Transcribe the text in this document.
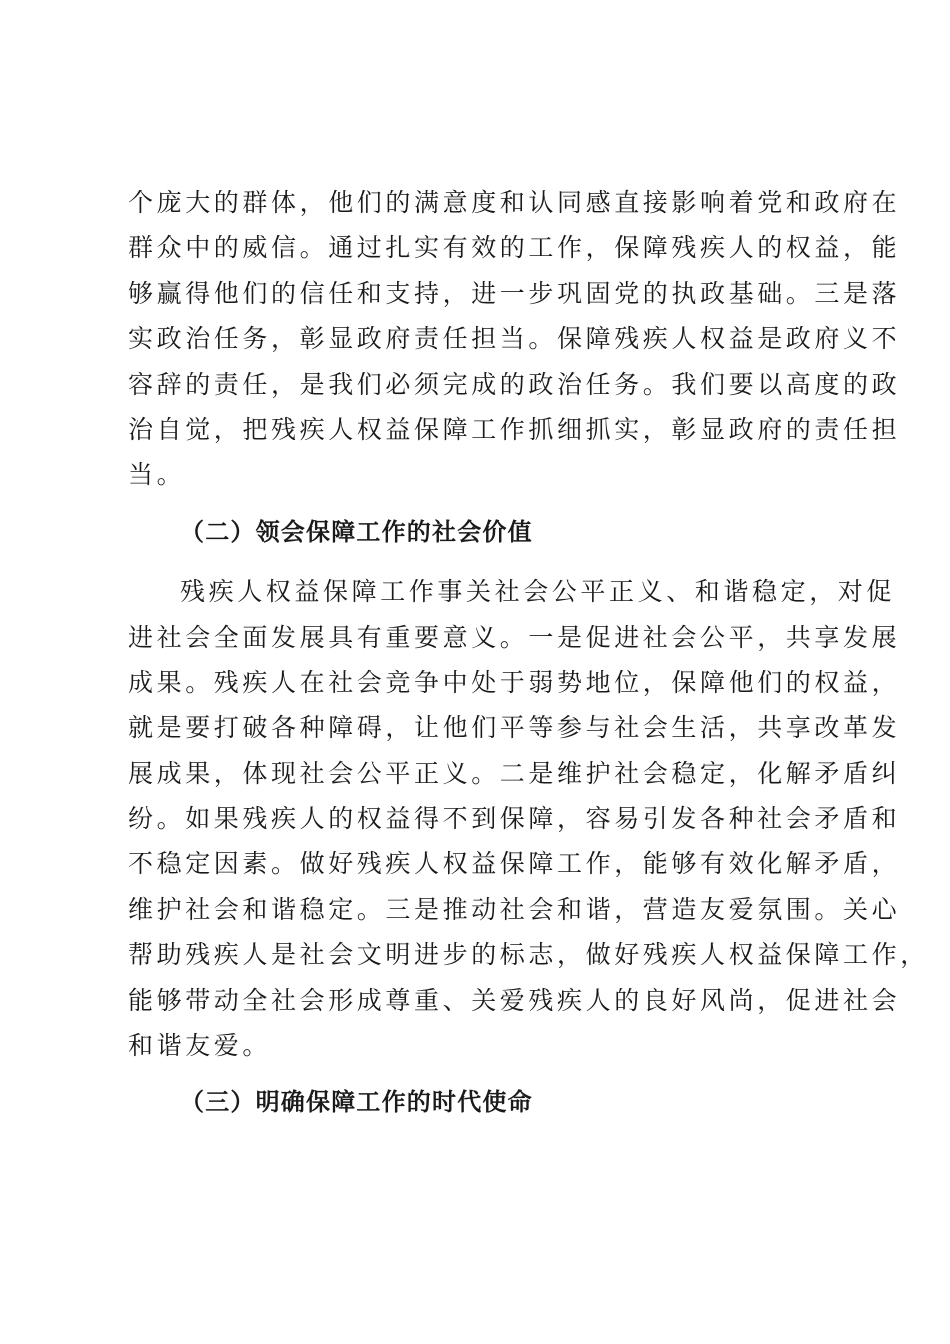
个庞大的群体，他们的满意度和认同感直接影响着党和政府在
群众中的威信。通过扎实有效的工作，保障残疾人的权益，能
够赢得他们的信任和支持，进一步巩固党的执政基础。三是落
实政治任务，彰显政府责任担当。保障残疾人权益是政府义不
容辞的责任，是我们必须完成的政治任务。我们要以高度的政
治自觉，把残疾人权益保障工作抓细抓实，彰显政府的责任担
当。
（二）领会保障工作的社会价值
残疾人权益保障工作事关社会公平正义、和谐稳定，对促
进社会全面发展具有重要意义。一是促进社会公平，共享发展
成果。残疾人在社会竞争中处于弱势地位，保障他们的权益，
就是要打破各种障碍，让他们平等参与社会生活，共享改革发
展成果，体现社会公平正义。二是维护社会稳定，化解矛盾纠
纷。如果残疾人的权益得不到保障，容易引发各种社会矛盾和
不稳定因素。做好残疾人权益保障工作，能够有效化解矛盾，
维护社会和谐稳定。三是推动社会和谐，营造友爱氛围。关心
帮助残疾人是社会文明进步的标志，做好残疾人权益保障工作，
能够带动全社会形成尊重、关爱残疾人的良好风尚，促进社会
和谐友爱。
（三）明确保障工作的时代使命
